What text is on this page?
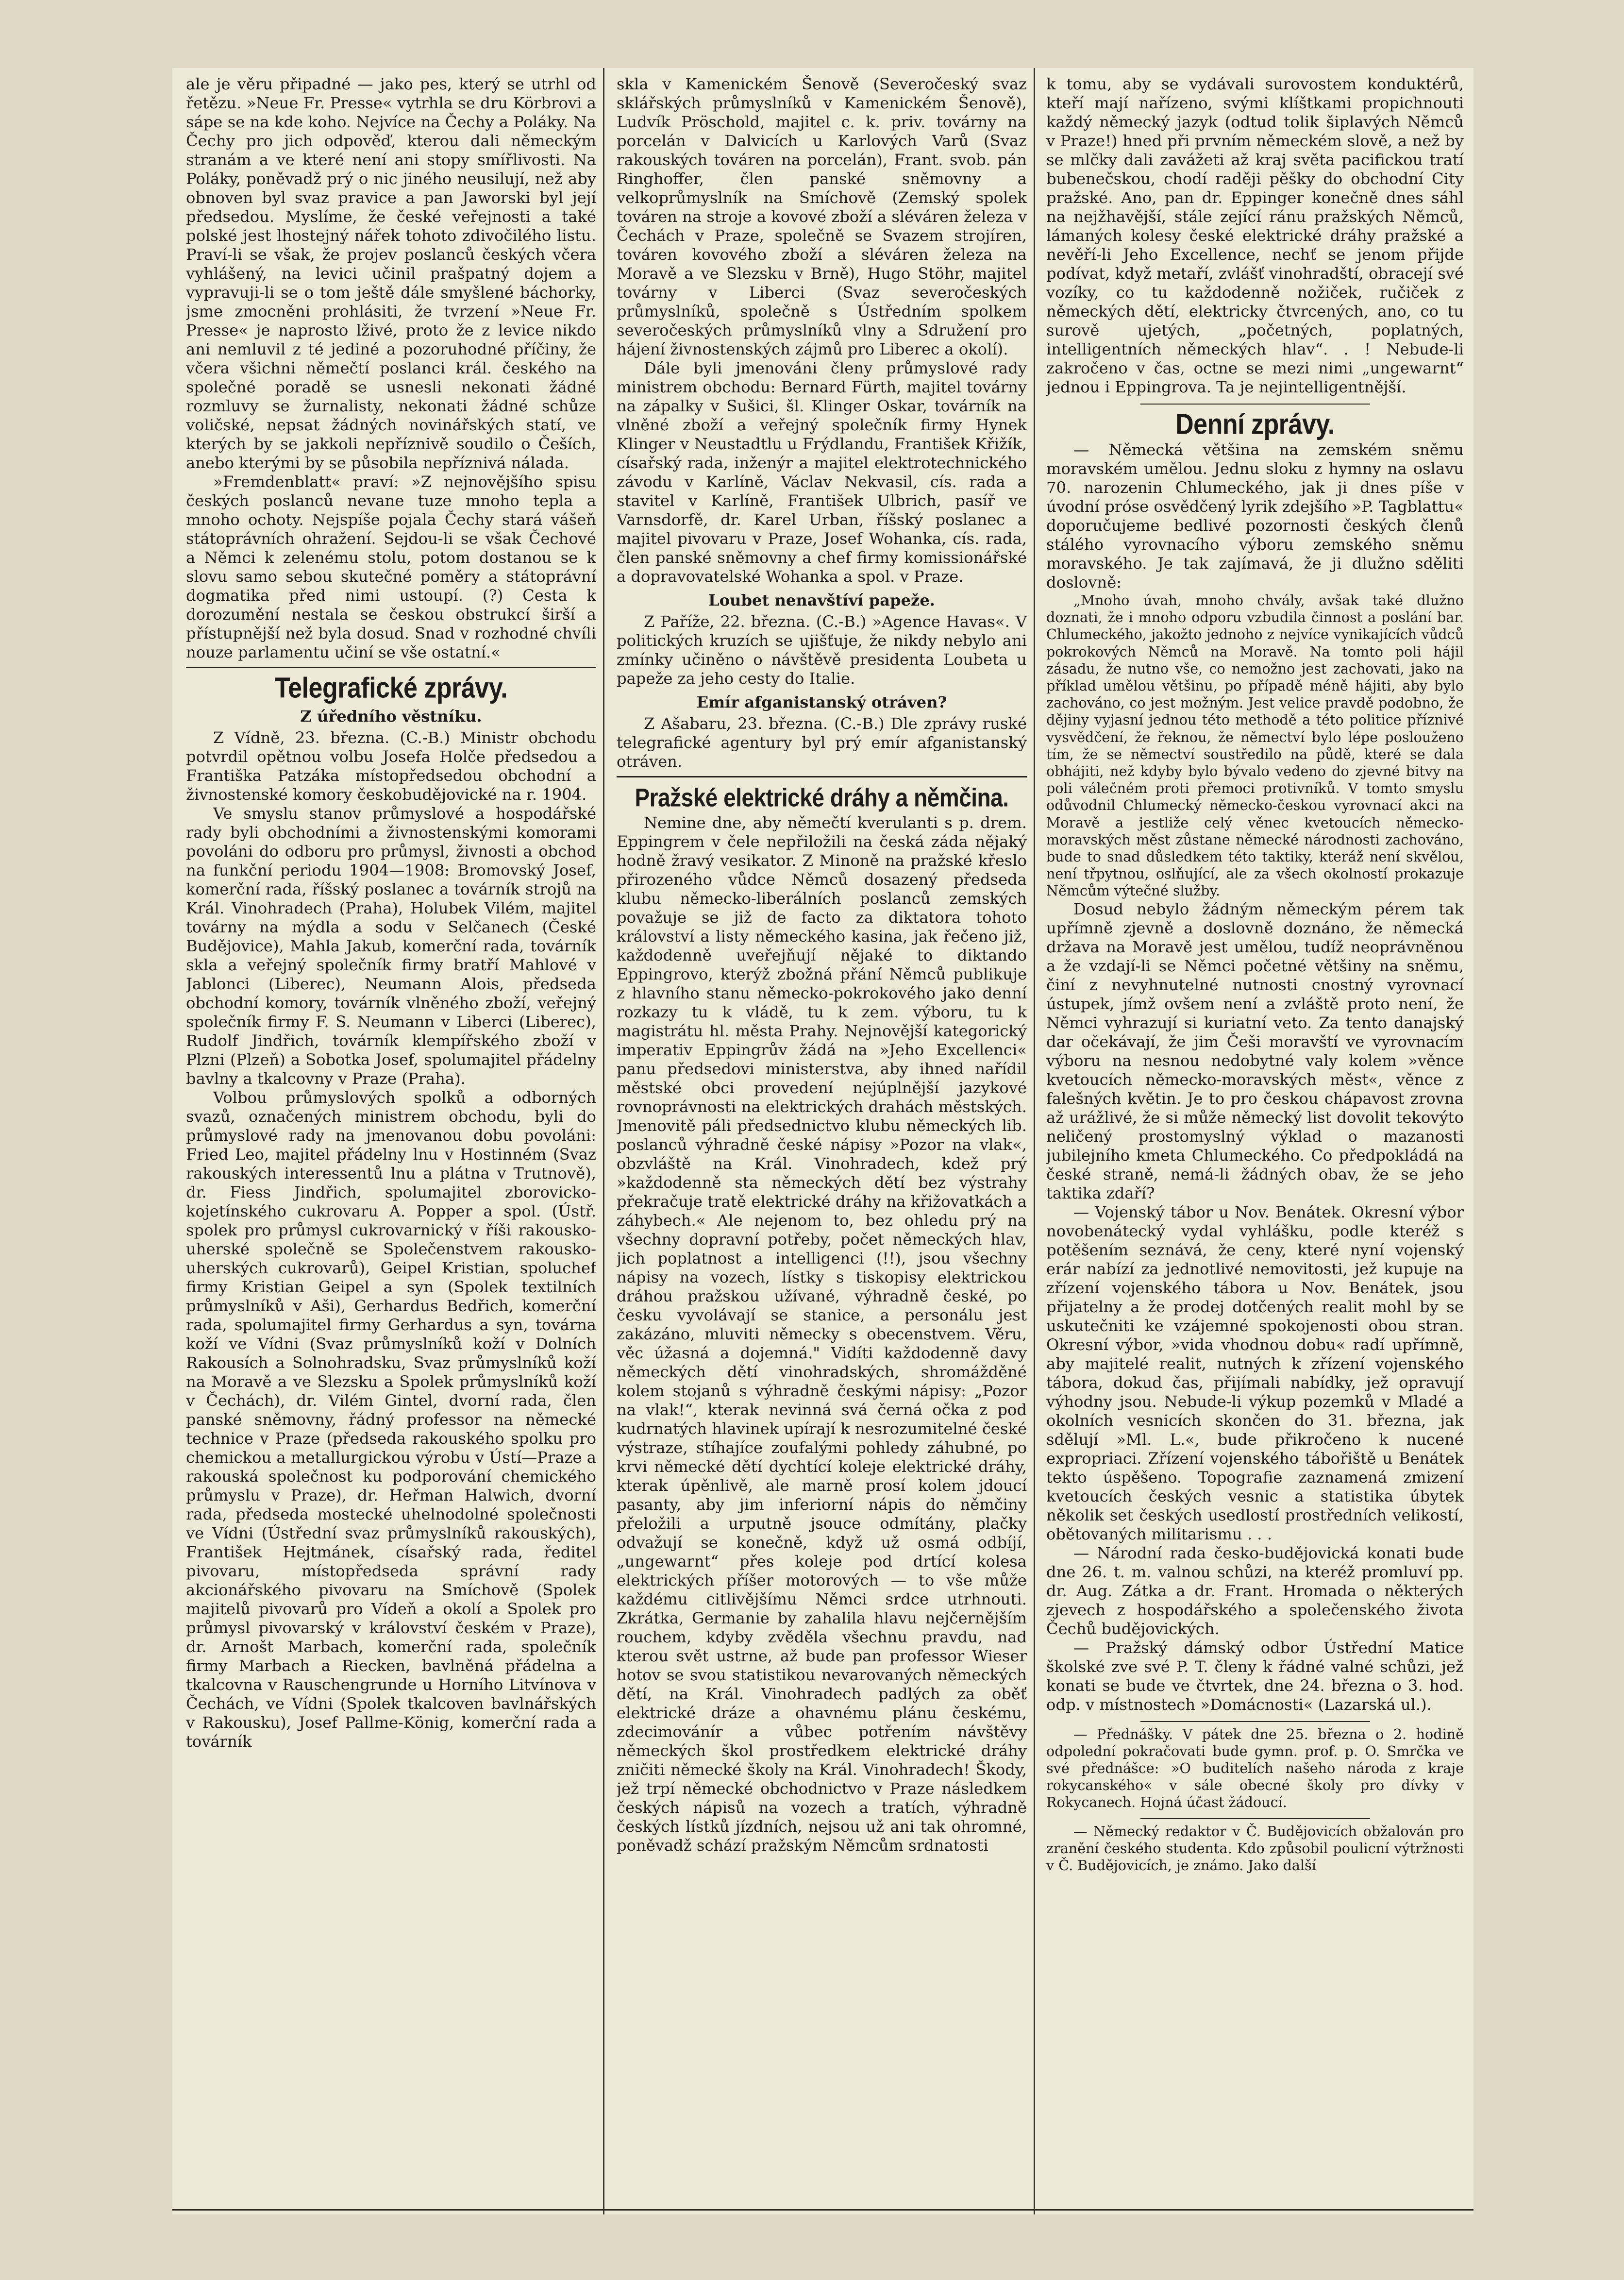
ale je věru připadné — jako pes, který se utrhl od řetězu. »Neue Fr. Presse« vytrhla se dru Körbrovi a sápe se na kde koho. Nejvíce na Čechy a Poláky. Na Čechy pro jich odpověď, kterou dali německým stranám a ve které není ani stopy smířlivosti. Na Poláky, poněvadž prý o nic jiného neusilují, než aby obnoven byl svaz pravice a pan Jaworski byl její předsedou. Myslíme, že české veřejnosti a také polské jest lhostejný nářek tohoto zdivočilého listu. Praví-li se však, že projev poslanců českých včera vyhlášený, na levici učinil prašpatný dojem a vypravuji-li se o tom ještě dále smyšlené báchorky, jsme zmocněni prohlásiti, že tvrzení »Neue Fr. Presse« je naprosto lživé, proto že z levice nikdo ani nemluvil z té jediné a pozoruhodné příčiny, že včera všichni němečtí poslanci král. českého na společné poradě se usnesli nekonati žádné rozmluvy se žurnalisty, nekonati žádné schůze voličské, nepsat žádných novinářských statí, ve kterých by se jakkoli nepříznivě soudilo o Češích, anebo kterými by se působila nepříznivá nálada.

»Fremdenblatt« praví: »Z nejnovějšího spisu českých poslanců nevane tuze mnoho tepla a mnoho ochoty. Nejspíše pojala Čechy stará vášeň státoprávních ohražení. Sejdou-li se však Čechové a Němci k zelenému stolu, potom dostanou se k slovu samo sebou skutečné poměry a státoprávní dogmatika před nimi ustoupí. (?) Cesta k dorozumění nestala se českou obstrukcí širší a přístupnější než byla dosud. Snad v rozhodné chvíli nouze parlamentu učiní se vše ostatní.«

Telegrafické zprávy.
Z úředního věstníku.

Z Vídně, 23. března. (C.-B.) Ministr obchodu potvrdil opětnou volbu Josefa Holče předsedou a Františka Patzáka místopředsedou obchodní a živnostenské komory českobudějovické na r. 1904.

Ve smyslu stanov průmyslové a hospodářské rady byli obchodními a živnostenskými komorami povoláni do odboru pro průmysl, živnosti a obchod na funkční periodu 1904—1908: Bromovský Josef, komerční rada, říšský poslanec a továrník strojů na Král. Vinohradech (Praha), Holubek Vilém, majitel továrny na mýdla a sodu v Selčanech (České Budějovice), Mahla Jakub, komerční rada, továrník skla a veřejný společník firmy bratří Mahlové v Jablonci (Liberec), Neumann Alois, předseda obchodní komory, továrník vlněného zboží, veřejný společník firmy F. S. Neumann v Liberci (Liberec), Rudolf Jindřich, továrník klempířského zboží v Plzni (Plzeň) a Sobotka Josef, spolumajitel přádelny bavlny a tkalcovny v Praze (Praha).

Volbou průmyslových spolků a odborných svazů, označených ministrem obchodu, byli do průmyslové rady na jmenovanou dobu povoláni: Fried Leo, majitel přádelny lnu v Hostinném (Svaz rakouských interessentů lnu a plátna v Trutnově), dr. Fiess Jindřich, spolumajitel zborovicko-kojetínského cukrovaru A. Popper a spol. (Ústř. spolek pro průmysl cukrovarnický v říši rakousko-uherské společně se Společenstvem rakousko-uherských cukrovarů), Geipel Kristian, spoluchef firmy Kristian Geipel a syn (Spolek textilních průmyslníků v Aši), Gerhardus Bedřich, komerční rada, spolumajitel firmy Gerhardus a syn, továrna koží ve Vídni (Svaz průmyslníků koží v Dolních Rakousích a Solnohradsku, Svaz průmyslníků koží na Moravě a ve Slezsku a Spolek průmyslníků koží v Čechách), dr. Vilém Gintel, dvorní rada, člen panské sněmovny, řádný professor na německé technice v Praze (předseda rakouského spolku pro chemickou a metallurgickou výrobu v Ústí—Praze a rakouská společnost ku podporování chemického průmyslu v Praze), dr. Heřman Halwich, dvorní rada, předseda mostecké uhelnodolné společnosti ve Vídni (Ústřední svaz průmyslníků rakouských), František Hejtmánek, císařský rada, ředitel pivovaru, místopředseda správní rady akcionářského pivovaru na Smíchově (Spolek majitelů pivovarů pro Vídeň a okolí a Spolek pro průmysl pivovarský v království českém v Praze), dr. Arnošt Marbach, komerční rada, společník firmy Marbach a Riecken, bavlněná přádelna a tkalcovna v Rauschengrunde u Horního Litvínova v Čechách, ve Vídni (Spolek tkalcoven bavlnářských v Rakousku), Josef Pallme-König, komerční rada a továrník

skla v Kamenickém Šenově (Severočeský svaz sklářských průmyslníků v Kamenickém Šenově), Ludvík Pröschold, majitel c. k. priv. továrny na porcelán v Dalvicích u Karlových Varů (Svaz rakouských továren na porcelán), Frant. svob. pán Ringhoffer, člen panské sněmovny a velkoprůmyslník na Smíchově (Zemský spolek továren na stroje a kovové zboží a sléváren železa v Čechách v Praze, společně se Svazem strojíren, továren kovového zboží a sléváren železa na Moravě a ve Slezsku v Brně), Hugo Stöhr, majitel továrny v Liberci (Svaz severočeských průmyslníků, společně s Ústředním spolkem severočeských průmyslníků vlny a Sdružení pro hájení živnostenských zájmů pro Liberec a okolí).

Dále byli jmenováni členy průmyslové rady ministrem obchodu: Bernard Fürth, majitel továrny na zápalky v Sušici, šl. Klinger Oskar, továrník na vlněné zboží a veřejný společník firmy Hynek Klinger v Neustadtlu u Frýdlandu, František Křižík, císařský rada, inženýr a majitel elektrotechnického závodu v Karlíně, Václav Nekvasil, cís. rada a stavitel v Karlíně, František Ulbrich, pasíř ve Varnsdorfě, dr. Karel Urban, říšský poslanec a majitel pivovaru v Praze, Josef Wohanka, cís. rada, člen panské sněmovny a chef firmy komissionářské a dopravovatelské Wohanka a spol. v Praze.

Loubet nenavštíví papeže.

Z Paříže, 22. března. (C.-B.) »Agence Havas«. V politických kruzích se ujišťuje, že nikdy nebylo ani zmínky učiněno o návštěvě presidenta Loubeta u papeže za jeho cesty do Italie.

Emír afganistanský otráven?

Z Ašabaru, 23. března. (C.-B.) Dle zprávy ruské telegrafické agentury byl prý emír afganistanský otráven.

Pražské elektrické dráhy a němčina.

Nemine dne, aby němečtí kverulanti s p. drem. Eppingrem v čele nepřiložili na česká záda nějaký hodně žravý vesikator. Z Minoně na pražské křeslo přirozeného vůdce Němců dosazený předseda klubu německo-liberálních poslanců zemských považuje se již de facto za diktatora tohoto království a listy německého kasina, jak řečeno již, každodenně uveřejňují nějaké to diktando Eppingrovo, kterýž zbožná přání Němců publikuje z hlavního stanu německo-pokrokového jako denní rozkazy tu k vládě, tu k zem. výboru, tu k magistrátu hl. města Prahy. Nejnovější kategorický imperativ Eppingrův žádá na »Jeho Excellenci« panu předsedovi ministerstva, aby ihned nařídil městské obci provedení nejúplnější jazykové rovnoprávnosti na elektrických drahách městských. Jmenovitě páli předsednictvo klubu německých lib. poslanců výhradně české nápisy »Pozor na vlak«, obzvláště na Král. Vinohradech, kdež prý »každodenně sta německých dětí bez výstrahy překračuje tratě elektrické dráhy na křižovatkách a záhybech.« Ale nejenom to, bez ohledu prý na všechny dopravní potřeby, počet německých hlav, jich poplatnost a intelligenci (!!), jsou všechny nápisy na vozech, lístky s tiskopisy elektrickou dráhou pražskou užívané, výhradně české, po česku vyvolávají se stanice, a personálu jest zakázáno, mluviti německy s obecenstvem. Věru, věc úžasná a dojemná." Vidíti každodenně davy německých dětí vinohradských, shromážděné kolem stojanů s výhradně českými nápisy: „Pozor na vlak!“, kterak nevinná svá černá očka z pod kudrnatých hlavinek upírají k nesrozumitelné české výstraze, stíhajíce zoufalými pohledy záhubné, po krvi německé dětí dychtící koleje elektrické dráhy, kterak úpěnlivě, ale marně prosí kolem jdoucí pasanty, aby jim inferiorní nápis do němčiny přeložili a urputně jsouce odmítány, plačky odvažují se konečně, když už osmá odbíjí, „ungewarnt“ přes koleje pod drtící kolesa elektrických příšer motorových — to vše může každému citlivějšímu Němci srdce utrhnouti. Zkrátka, Germanie by zahalila hlavu nejčernějším rouchem, kdyby zvěděla všechnu pravdu, nad kterou svět ustrne, až bude pan professor Wieser hotov se svou statistikou nevarovaných německých dětí, na Král. Vinohradech padlých za oběť elektrické dráze a ohavnému plánu českému, zdecimovánír a vůbec potřením návštěvy německých škol prostředkem elektrické dráhy zničiti německé školy na Král. Vinohradech! Škody, jež trpí německé obchodnictvo v Praze následkem českých nápisů na vozech a tratích, výhradně českých lístků jízdních, nejsou už ani tak ohromné, poněvadž schází pražským Němcům srdnatosti

k tomu, aby se vydávali surovostem konduktérů, kteří mají nařízeno, svými klíštkami propichnouti každý německý jazyk (odtud tolik šiplavých Němců v Praze!) hned při prvním německém slově, a než by se mlčky dali zavážeti až kraj světa pacifickou tratí bubenečskou, chodí raději pěšky do obchodní City pražské. Ano, pan dr. Eppinger konečně dnes sáhl na nejžhavější, stále zející ránu pražských Němců, lámaných kolesy české elektrické dráhy pražské a nevěří-li Jeho Excellence, nechť se jenom přijde podívat, když metaří, zvlášť vinohradští, obracejí své vozíky, co tu každodenně nožiček, ručiček z německých dětí, elektricky čtvrcených, ano, co tu surově ujetých, „početných, poplatných, intelligentních německých hlav“. . ! Nebude-li zakročeno v čas, octne se mezi nimi „ungewarnt“ jednou i Eppingrova. Ta je nejintelligentnější.

Denní zprávy.

— Německá většina na zemském sněmu moravském umělou. Jednu sloku z hymny na oslavu 70. narozenin Chlumeckého, jak ji dnes píše v úvodní próse osvědčený lyrik zdejšího »P. Tagblattu« doporučujeme bedlivé pozornosti českých členů stálého vyrovnacího výboru zemského sněmu moravského. Je tak zajímavá, že ji dlužno sděliti doslovně:

„Mnoho úvah, mnoho chvály, avšak také dlužno doznati, že i mnoho odporu vzbudila činnost a poslání bar. Chlumeckého, jakožto jednoho z nejvíce vynikajících vůdců pokrokových Němců na Moravě. Na tomto poli hájil zásadu, že nutno vše, co nemožno jest zachovati, jako na příklad umělou většinu, po případě méně hájiti, aby bylo zachováno, co jest možným. Jest velice pravdě podobno, že dějiny vyjasní jednou této methodě a této politice příznivé vysvědčení, že řeknou, že němectví bylo lépe poslouženo tím, že se němectví soustředilo na půdě, které se dala obhájiti, než kdyby bylo bývalo vedeno do zjevné bitvy na poli válečném proti přemoci protivníků. V tomto smyslu odůvodnil Chlumecký německo-českou vyrovnací akci na Moravě a jestliže celý věnec kvetoucích německo-moravských měst zůstane německé národnosti zachováno, bude to snad důsledkem této taktiky, kteráž není skvělou, není třpytnou, oslňující, ale za všech okolností prokazuje Němcům výtečné služby.

Dosud nebylo žádným německým pérem tak upřímně zjevně a doslovně doznáno, že německá država na Moravě jest umělou, tudíž neoprávněnou a že vzdají-li se Němci početné většiny na sněmu, činí z nevyhnutelné nutnosti cnostný vyrovnací ústupek, jímž ovšem není a zvláště proto není, že Němci vyhrazují si kuriatní veto. Za tento danajský dar očekávají, že jim Češi moravští ve vyrovnacím výboru na nesnou nedobytné valy kolem »věnce kvetoucích německo-moravských měst«, věnce z falešných květin. Je to pro českou chápavost zrovna až urážlivé, že si může německý list dovolit tekovýto neličený prostomyslný výklad o mazanosti jubilejního kmeta Chlumeckého. Co předpokládá na české straně, nemá-li žádných obav, že se jeho taktika zdaří?

— Vojenský tábor u Nov. Benátek. Okresní výbor novobenátecký vydal vyhlášku, podle kteréž s potěšením seznává, že ceny, které nyní vojenský erár nabízí za jednotlivé nemovitosti, jež kupuje na zřízení vojenského tábora u Nov. Benátek, jsou přijatelny a že prodej dotčených realit mohl by se uskutečniti ke vzájemné spokojenosti obou stran. Okresní výbor, »vida vhodnou dobu« radí upřímně, aby majitelé realit, nutných k zřízení vojenského tábora, dokud čas, přijímali nabídky, jež opravují výhodny jsou. Nebude-li výkup pozemků v Mladé a okolních vesnicích skončen do 31. března, jak sdělují »Ml. L.«, bude přikročeno k nucené expropriaci. Zřízení vojenského tábořiště u Benátek tekto úspěšeno. Topografie zaznamená zmizení kvetoucích českých vesnic a statistika úbytek několik set českých usedlostí prostředních velikostí, obětovaných militarismu . . .

— Národní rada česko-budějovická konati bude dne 26. t. m. valnou schůzi, na kteréž promluví pp. dr. Aug. Zátka a dr. Frant. Hromada o některých zjevech z hospodářského a společenského života Čechů budějovických.

— Pražský dámský odbor Ústřední Matice školské zve své P. T. členy k řádné valné schůzi, jež konati se bude ve čtvrtek, dne 24. března o 3. hod. odp. v místnostech »Domácnosti« (Lazarská ul.).

— Přednášky. V pátek dne 25. března o 2. hodině odpolední pokračovati bude gymn. prof. p. O. Smrčka ve své přednášce: »O buditelích našeho národa z kraje rokycanského« v sále obecné školy pro dívky v Rokycanech. Hojná účast žádoucí.

— Německý redaktor v Č. Budějovicích obžalován pro zranění českého studenta. Kdo způsobil poulicní výtržnosti v Č. Budějovicích, je známo. Jako další
